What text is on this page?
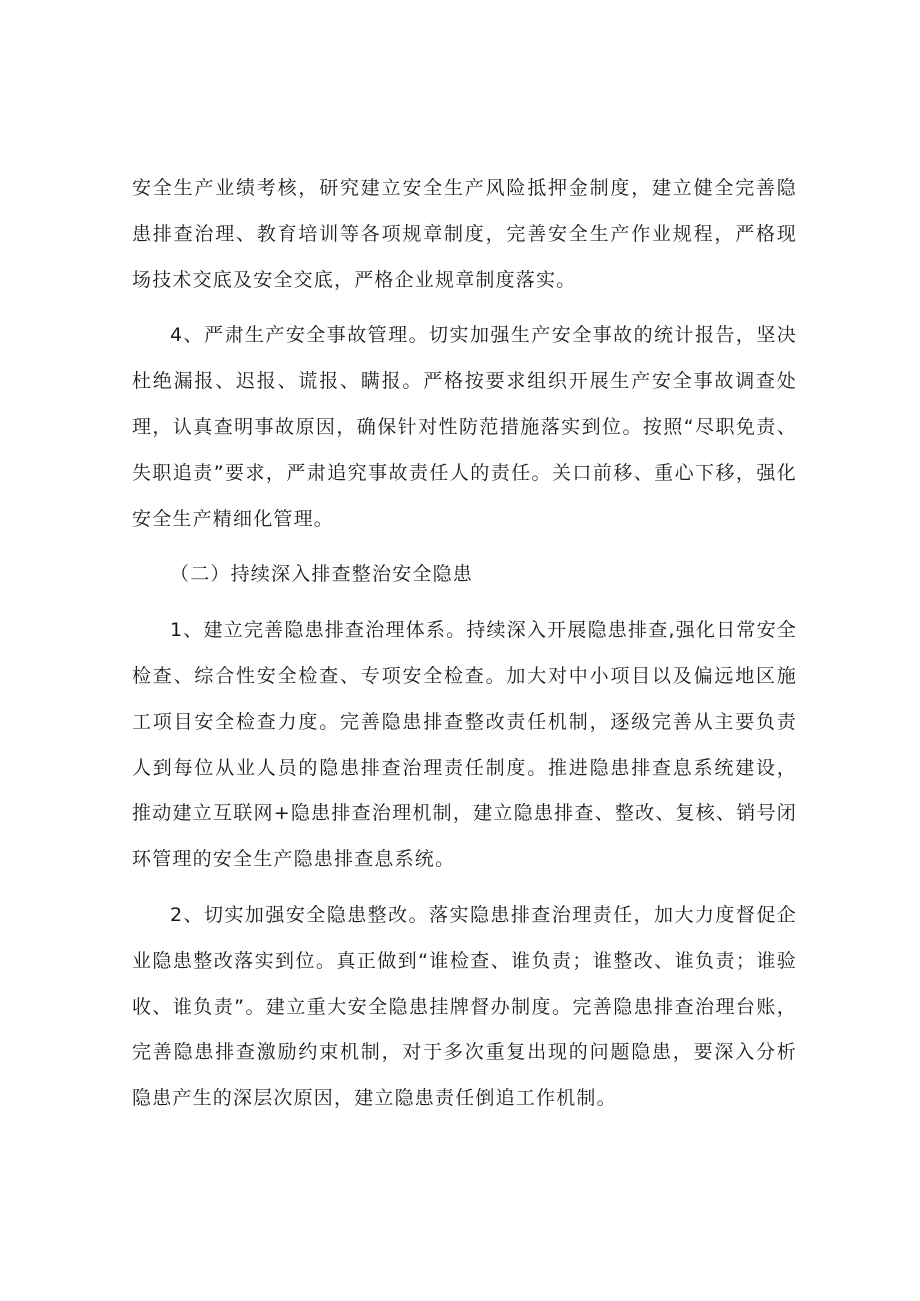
安全生产业绩考核，研究建立安全生产风险抵押金制度，建立健全完善隐患排查治理、教育培训等各项规章制度，完善安全生产作业规程，严格现场技术交底及安全交底，严格企业规章制度落实。

4、严肃生产安全事故管理。切实加强生产安全事故的统计报告，坚决杜绝漏报、迟报、谎报、瞒报。严格按要求组织开展生产安全事故调查处理，认真查明事故原因，确保针对性防范措施落实到位。按照“尽职免责、失职追责”要求，严肃追究事故责任人的责任。关口前移、重心下移，强化安全生产精细化管理。

（二）持续深入排查整治安全隐患

1、建立完善隐患排查治理体系。持续深入开展隐患排查,强化日常安全检查、综合性安全检查、专项安全检查。加大对中小项目以及偏远地区施工项目安全检查力度。完善隐患排查整改责任机制，逐级完善从主要负责人到每位从业人员的隐患排查治理责任制度。推进隐患排查息系统建设，推动建立互联网+隐患排查治理机制，建立隐患排查、整改、复核、销号闭环管理的安全生产隐患排查息系统。

2、切实加强安全隐患整改。落实隐患排查治理责任，加大力度督促企业隐患整改落实到位。真正做到“谁检查、谁负责；谁整改、谁负责；谁验收、谁负责”。建立重大安全隐患挂牌督办制度。完善隐患排查治理台账，完善隐患排查激励约束机制，对于多次重复出现的问题隐患，要深入分析隐患产生的深层次原因，建立隐患责任倒追工作机制。
